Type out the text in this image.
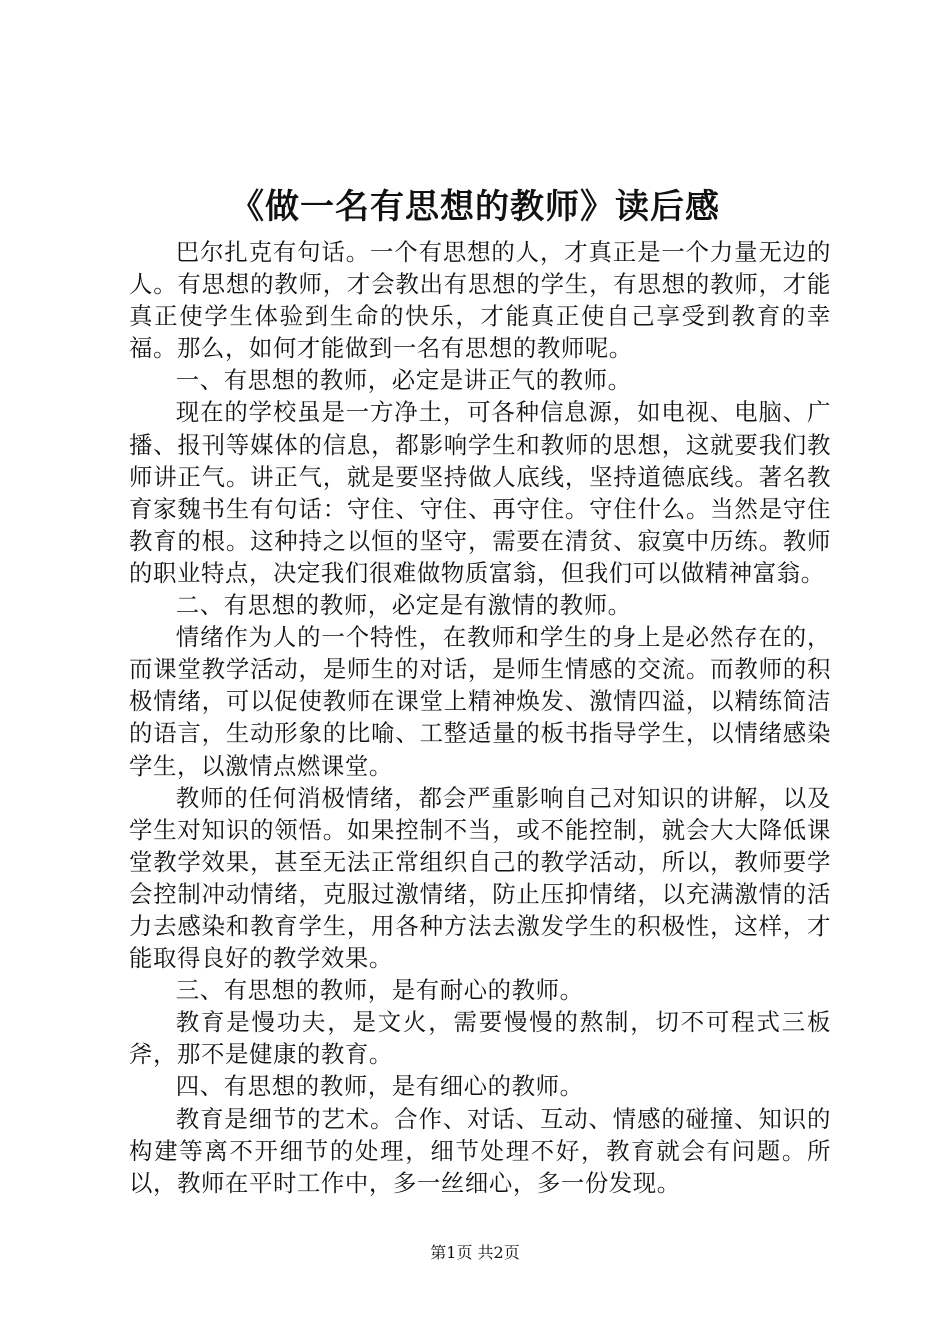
《做一名有思想的教师》读后感

巴尔扎克有句话。一个有思想的人，才真正是一个力量无边的人。有思想的教师，才会教出有思想的学生，有思想的教师，才能真正使学生体验到生命的快乐，才能真正使自己享受到教育的幸福。那么，如何才能做到一名有思想的教师呢。

一、有思想的教师，必定是讲正气的教师。

现在的学校虽是一方净土，可各种信息源，如电视、电脑、广播、报刊等媒体的信息，都影响学生和教师的思想，这就要我们教师讲正气。讲正气，就是要坚持做人底线，坚持道德底线。著名教育家魏书生有句话：守住、守住、再守住。守住什么。当然是守住教育的根。这种持之以恒的坚守，需要在清贫、寂寞中历练。教师的职业特点，决定我们很难做物质富翁，但我们可以做精神富翁。

二、有思想的教师，必定是有激情的教师。

情绪作为人的一个特性，在教师和学生的身上是必然存在的，而课堂教学活动，是师生的对话，是师生情感的交流。而教师的积极情绪，可以促使教师在课堂上精神焕发、激情四溢，以精练简洁的语言，生动形象的比喻、工整适量的板书指导学生，以情绪感染学生，以激情点燃课堂。

教师的任何消极情绪，都会严重影响自己对知识的讲解，以及学生对知识的领悟。如果控制不当，或不能控制，就会大大降低课堂教学效果，甚至无法正常组织自己的教学活动，所以，教师要学会控制冲动情绪，克服过激情绪，防止压抑情绪，以充满激情的活力去感染和教育学生，用各种方法去激发学生的积极性，这样，才能取得良好的教学效果。

三、有思想的教师，是有耐心的教师。

教育是慢功夫，是文火，需要慢慢的熬制，切不可程式三板斧，那不是健康的教育。

四、有思想的教师，是有细心的教师。

教育是细节的艺术。合作、对话、互动、情感的碰撞、知识的构建等离不开细节的处理，细节处理不好，教育就会有问题。所以，教师在平时工作中，多一丝细心，多一份发现。

第1页 共2页
